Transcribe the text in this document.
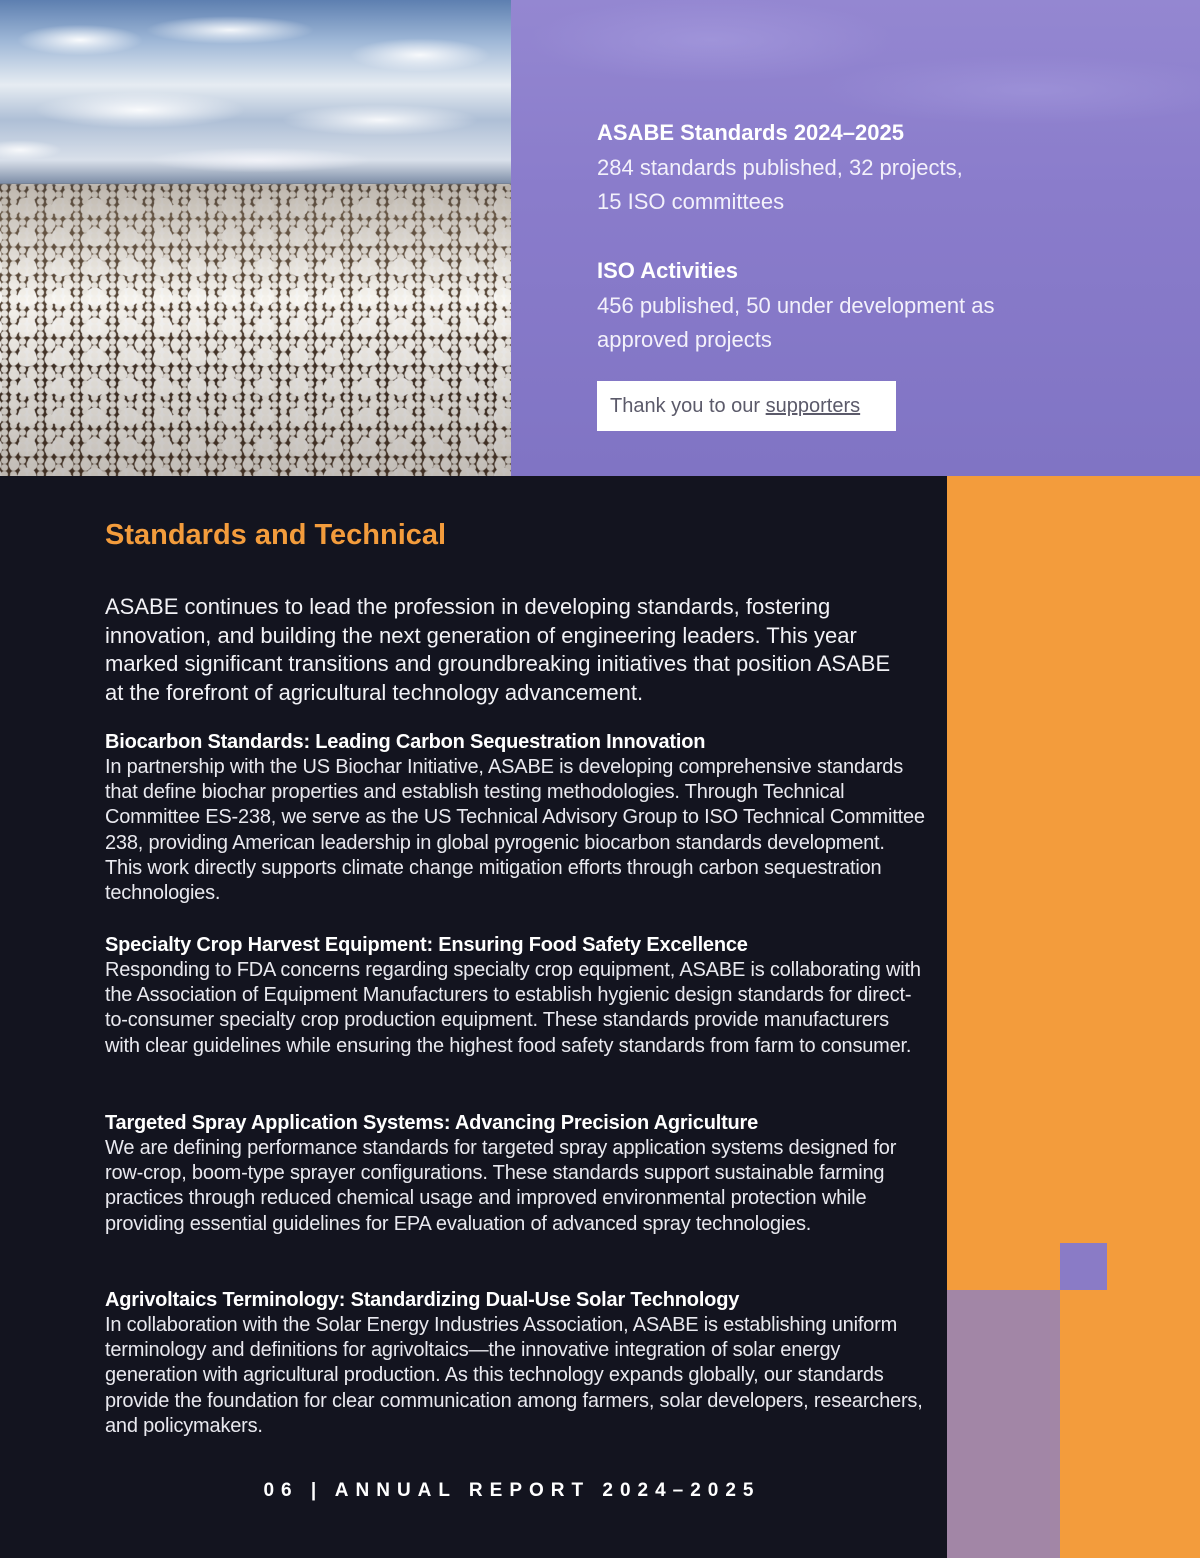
ASABE Standards 2024–2025
284 standards published, 32 projects,
15 ISO committees
ISO Activities
456 published, 50 under development as
approved projects
Thank you to our supporters
Standards and Technical
ASABE continues to lead the profession in developing standards, fostering innovation, and building the next generation of engineering leaders. This year marked significant transitions and groundbreaking initiatives that position ASABE at the forefront of agricultural technology advancement.
Biocarbon Standards: Leading Carbon Sequestration Innovation

In partnership with the US Biochar Initiative, ASABE is developing comprehensive standards that define biochar properties and establish testing methodologies. Through Technical Committee ES-238, we serve as the US Technical Advisory Group to ISO Technical Committee 238, providing American leadership in global pyrogenic biocarbon standards development. This work directly supports climate change mitigation efforts through carbon sequestration technologies.

Specialty Crop Harvest Equipment: Ensuring Food Safety Excellence

Responding to FDA concerns regarding specialty crop equipment, ASABE is collaborating with the Association of Equipment Manufacturers to establish hygienic design standards for direct-to-consumer specialty crop production equipment. These standards provide manufacturers with clear guidelines while ensuring the highest food safety standards from farm to consumer.

Targeted Spray Application Systems: Advancing Precision Agriculture

We are defining performance standards for targeted spray application systems designed for row-crop, boom-type sprayer configurations. These standards support sustainable farming practices through reduced chemical usage and improved environmental protection while providing essential guidelines for EPA evaluation of advanced spray technologies.

Agrivoltaics Terminology: Standardizing Dual-Use Solar Technology

In collaboration with the Solar Energy Industries Association, ASABE is establishing uniform terminology and definitions for agrivoltaics—the innovative integration of solar energy generation with agricultural production. As this technology expands globally, our standards provide the foundation for clear communication among farmers, solar developers, researchers, and policymakers.

06 | ANNUAL REPORT 2024–2025
